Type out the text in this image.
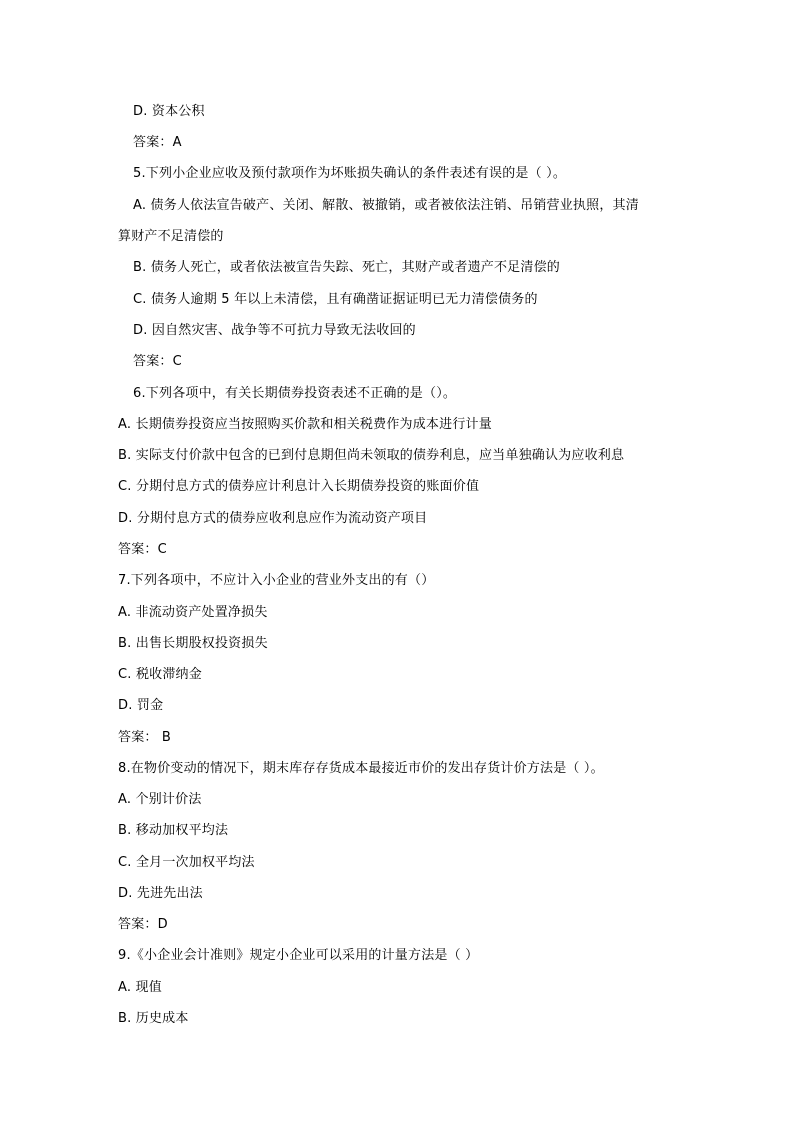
D. 资本公积
答案：A
5.下列小企业应收及预付款项作为坏账损失确认的条件表述有误的是（ ）。
A. 债务人依法宣告破产、关闭、解散、被撤销，或者被依法注销、吊销营业执照，其清
算财产不足清偿的
B. 债务人死亡，或者依法被宣告失踪、死亡，其财产或者遗产不足清偿的
C. 债务人逾期 5 年以上未清偿，且有确凿证据证明已无力清偿债务的
D. 因自然灾害、战争等不可抗力导致无法收回的
答案：C
6.下列各项中，有关长期债券投资表述不正确的是（）。
A. 长期债券投资应当按照购买价款和相关税费作为成本进行计量
B. 实际支付价款中包含的已到付息期但尚未领取的债券利息，应当单独确认为应收利息
C. 分期付息方式的债券应计利息计入长期债券投资的账面价值
D. 分期付息方式的债券应收利息应作为流动资产项目
答案：C
7.下列各项中，不应计入小企业的营业外支出的有（）
A. 非流动资产处置净损失
B. 出售长期股权投资损失
C. 税收滞纳金
D. 罚金
答案： B
8.在物价变动的情况下，期末库存存货成本最接近市价的发出存货计价方法是（ ）。
A. 个别计价法
B. 移动加权平均法
C. 全月一次加权平均法
D. 先进先出法
答案：D
9.《小企业会计准则》规定小企业可以采用的计量方法是（ ）
A. 现值
B. 历史成本
